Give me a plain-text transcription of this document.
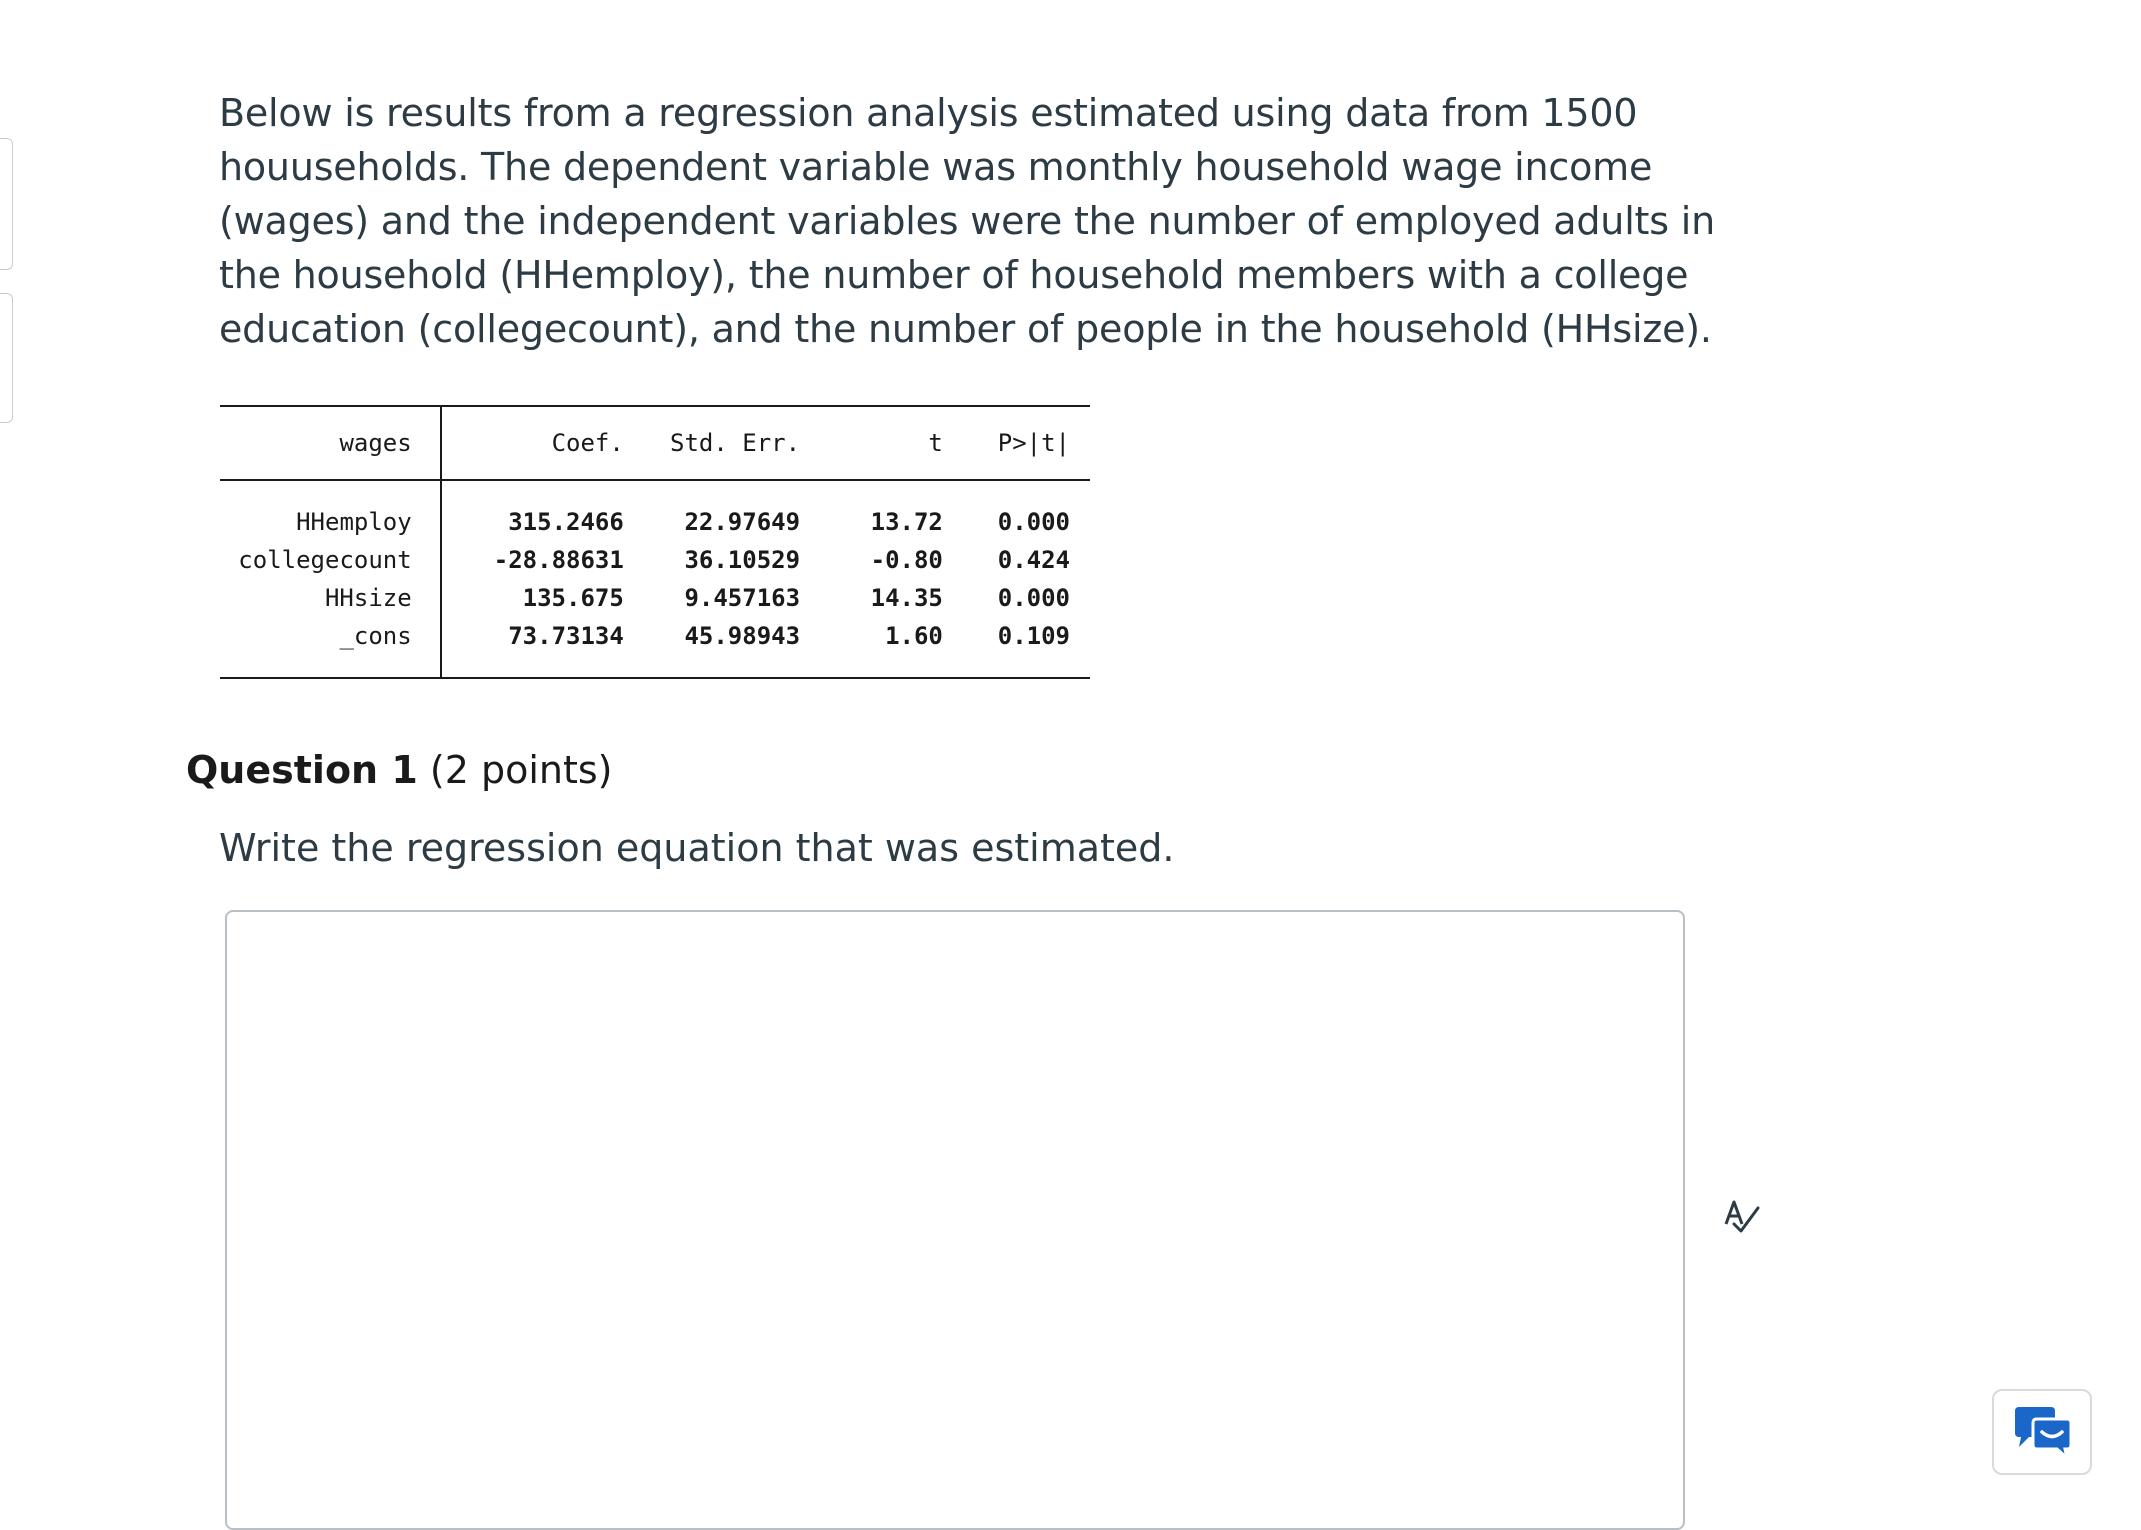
Below is results from a regression analysis estimated using data from 1500 houuseholds. The dependent variable was monthly household wage income (wages) and the independent variables were the number of employed adults in the household (HHemploy), the number of household members with a college education (collegecount), and the number of people in the household (HHsize).

wages	Coef.	Std. Err.	t	P>|t|
HHemploy	315.2466	22.97649	13.72	0.000
collegecount	-28.88631	36.10529	-0.80	0.424
HHsize	135.675	9.457163	14.35	0.000
_cons	73.73134	45.98943	1.60	0.109
Question 1 (2 points)
Write the regression equation that was estimated.
